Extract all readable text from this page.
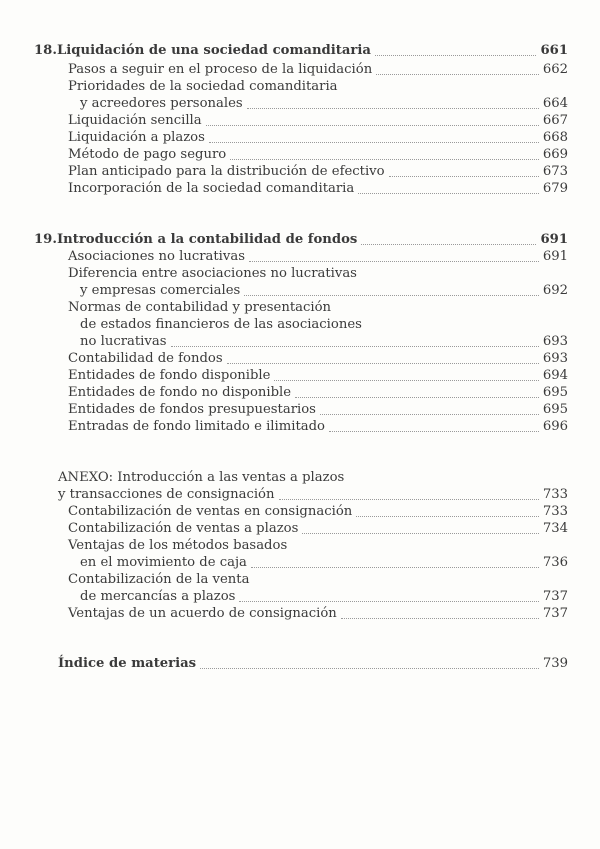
18. Liquidación de una sociedad comanditaria	661
Pasos a seguir en el proceso de la liquidación	662
Prioridades de la sociedad comanditaria
y acreedores personales	664
Liquidación sencilla	667
Liquidación a plazos	668
Método de pago seguro	669
Plan anticipado para la distribución de efectivo	673
Incorporación de la sociedad comanditaria	679
19. Introducción a la contabilidad de fondos	691
Asociaciones no lucrativas	691
Diferencia entre asociaciones no lucrativas
y empresas comerciales	692
Normas de contabilidad y presentación
de estados financieros de las asociaciones
no lucrativas	693
Contabilidad de fondos	693
Entidades de fondo disponible	694
Entidades de fondo no disponible	695
Entidades de fondos presupuestarios	695
Entradas de fondo limitado e ilimitado	696
ANEXO: Introducción a las ventas a plazos
y transacciones de consignación	733
Contabilización de ventas en consignación	733
Contabilización de ventas a plazos	734
Ventajas de los métodos basados
en el movimiento de caja	736
Contabilización de la venta
de mercancías a plazos	737
Ventajas de un acuerdo de consignación	737
Índice de materias	739
